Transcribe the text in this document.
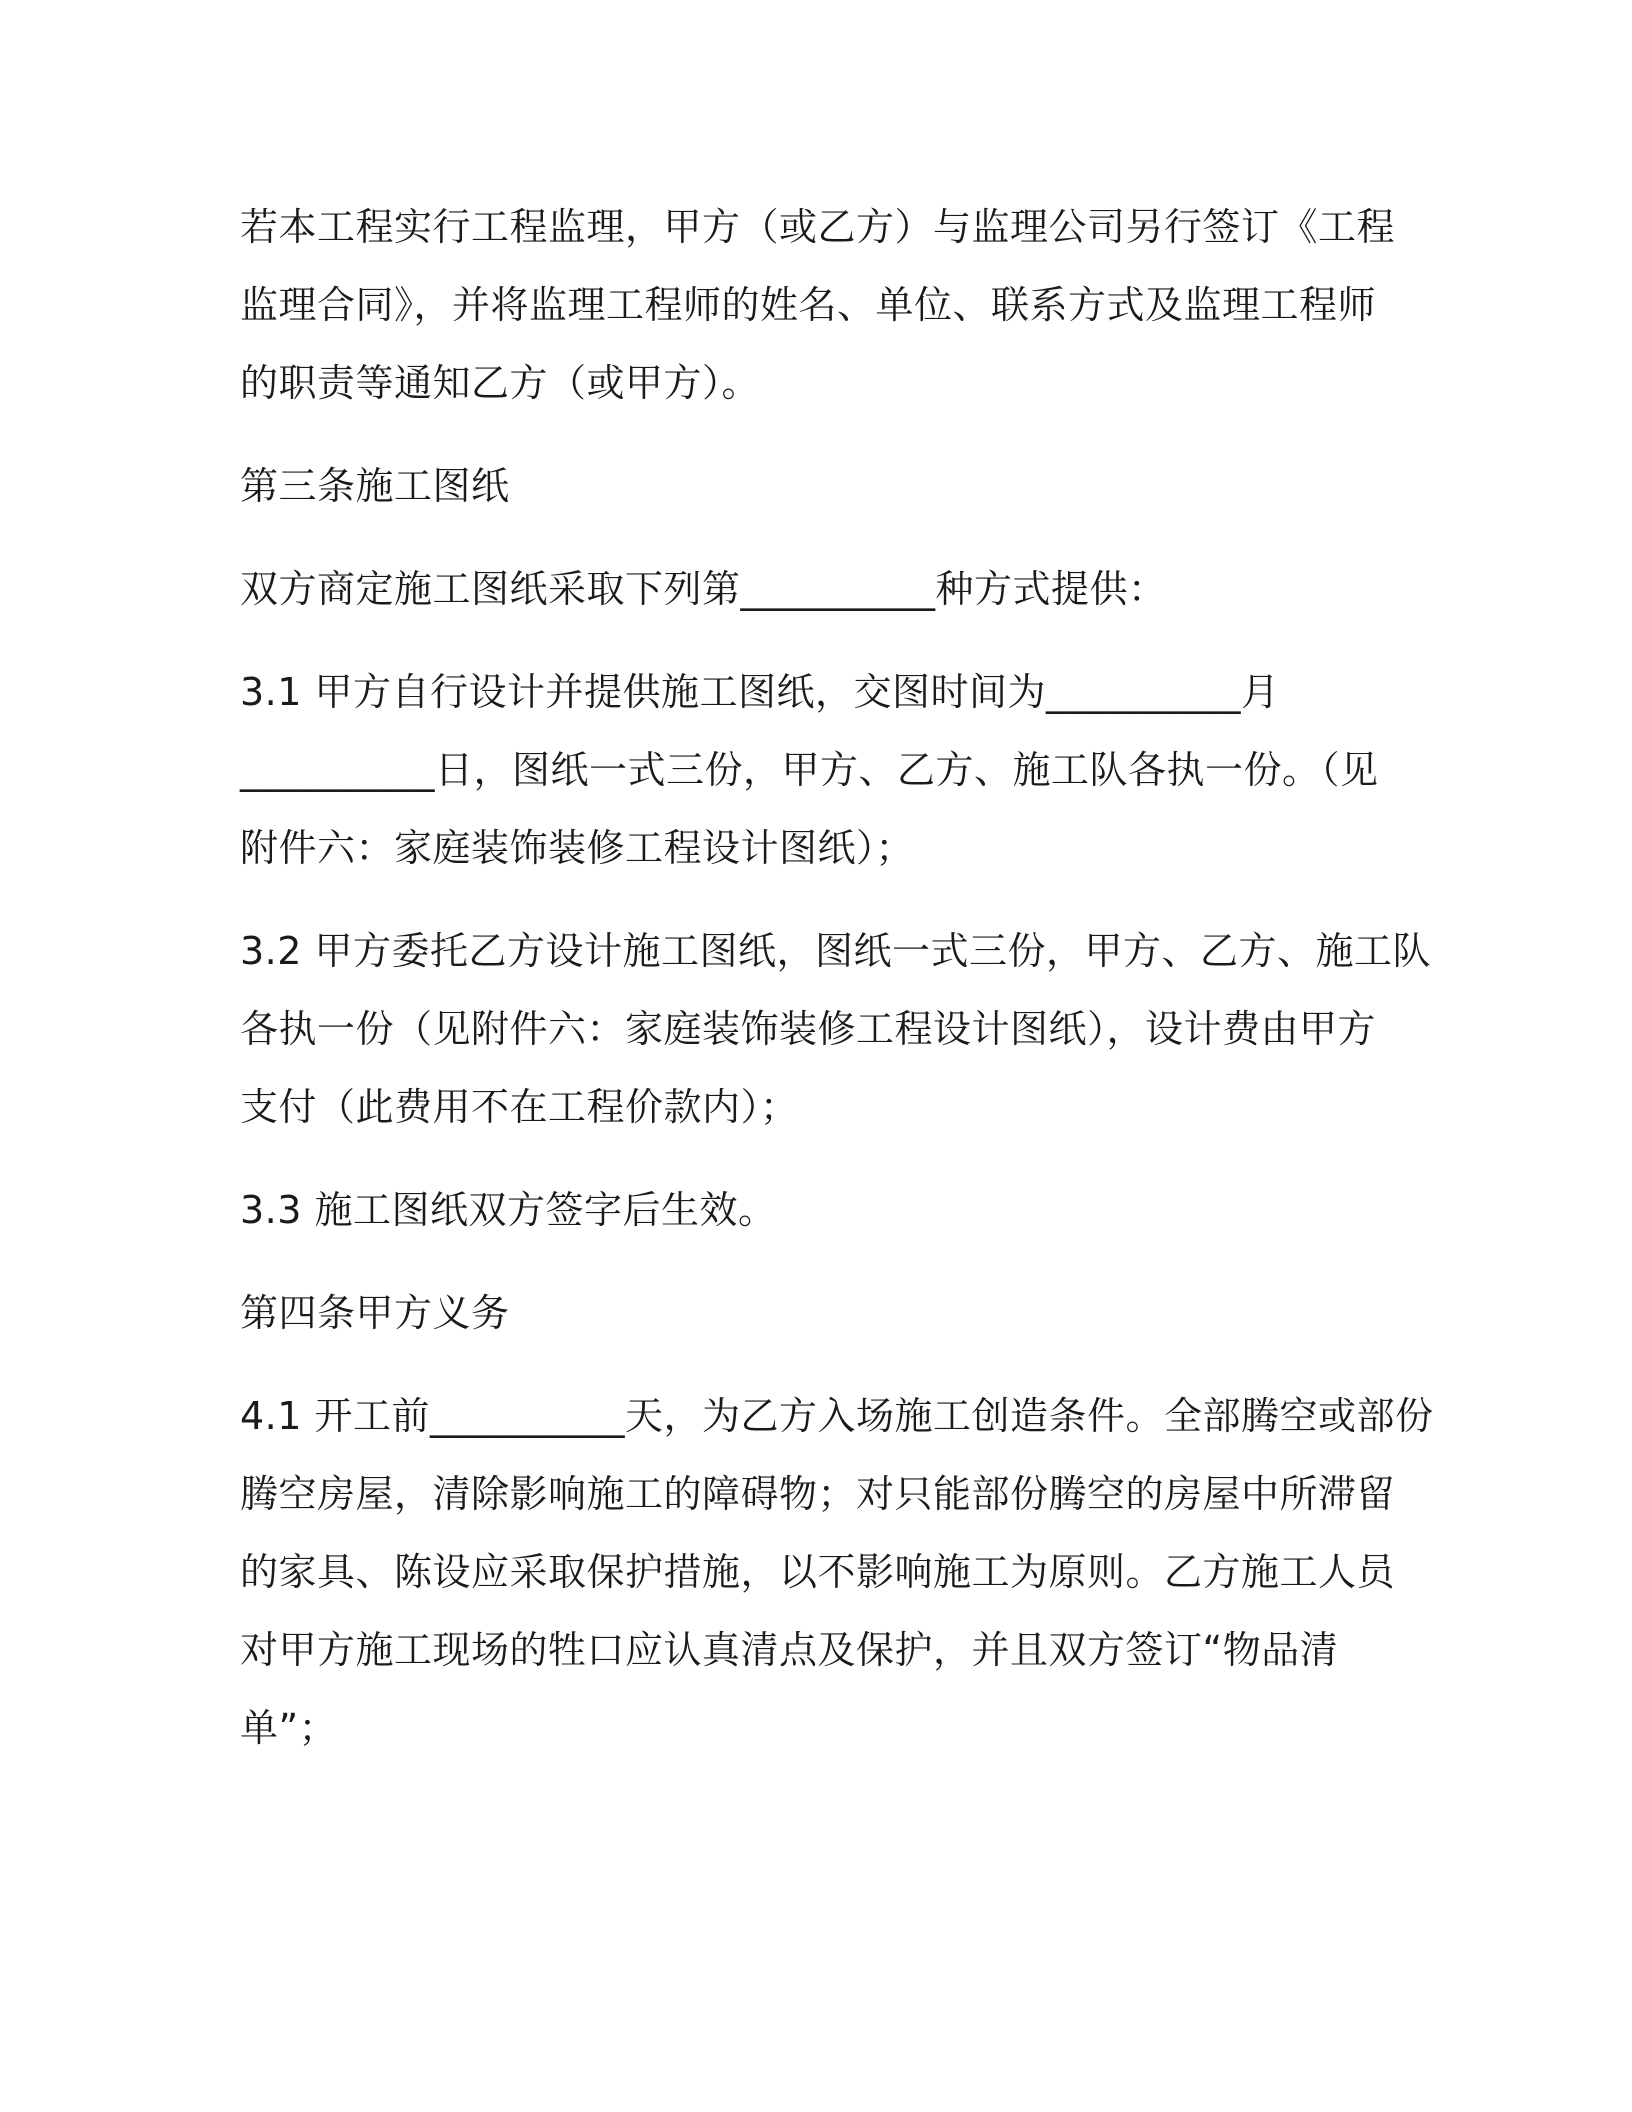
若本工程实行工程监理，甲方（或乙方）与监理公司另行签订《工程
监理合同》，并将监理工程师的姓名、单位、联系方式及监理工程师
的职责等通知乙方（或甲方）。

第三条施工图纸

双方商定施工图纸采取下列第__________种方式提供：

3.1 甲方自行设计并提供施工图纸，交图时间为__________月
__________日，图纸一式三份，甲方、乙方、施工队各执一份。（见
附件六：家庭装饰装修工程设计图纸）；

3.2 甲方委托乙方设计施工图纸，图纸一式三份，甲方、乙方、施工队
各执一份（见附件六：家庭装饰装修工程设计图纸），设计费由甲方
支付（此费用不在工程价款内）；

3.3 施工图纸双方签字后生效。

第四条甲方义务

4.1 开工前__________天，为乙方入场施工创造条件。全部腾空或部份
腾空房屋，清除影响施工的障碍物；对只能部份腾空的房屋中所滞留
的家具、陈设应采取保护措施，以不影响施工为原则。乙方施工人员
对甲方施工现场的牲口应认真清点及保护，并且双方签订“物品清
单”；
